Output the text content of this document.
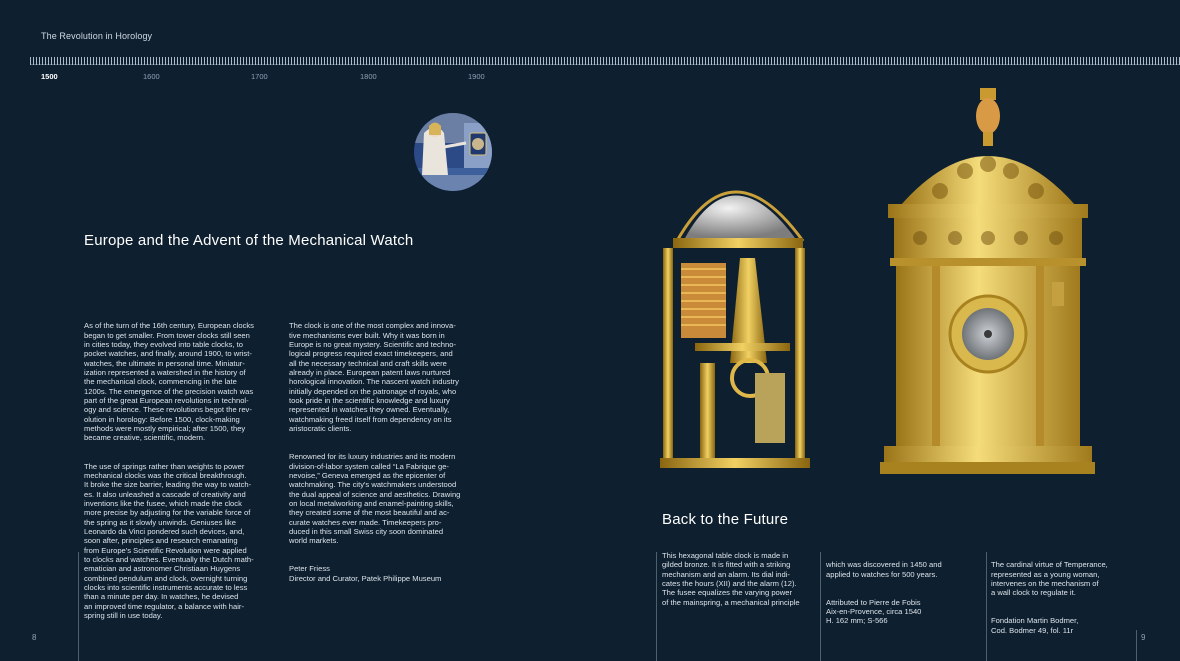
The Revolution in Horology
1500	1600	1700	1800	1900
Europe and the Advent of the Mechanical Watch

As of the turn of the 16th century, European clocks
began to get smaller. From tower clocks still seen
in cities today, they evolved into table clocks, to
pocket watches, and finally, around 1900, to wrist-
watches, the ultimate in personal time. Miniatur-
ization represented a watershed in the history of
the mechanical clock, commencing in the late
1200s. The emergence of the precision watch was
part of the great European revolutions in technol-
ogy and science. These revolutions begot the rev-
olution in horology: Before 1500, clock-making
methods were mostly empirical; after 1500, they
became creative, scientific, modern.

The use of springs rather than weights to power
mechanical clocks was the critical breakthrough.
It broke the size barrier, leading the way to watch-
es. It also unleashed a cascade of creativity and
inventions like the fusee, which made the clock
more precise by adjusting for the variable force of
the spring as it slowly unwinds. Geniuses like
Leonardo da Vinci pondered such devices, and,
soon after, principles and research emanating
from Europe's Scientific Revolution were applied
to clocks and watches. Eventually the Dutch math-
ematician and astronomer Christiaan Huygens
combined pendulum and clock, overnight turning
clocks into scientific instruments accurate to less
than a minute per day. In watches, he devised
an improved time regulator, a balance with hair-
spring still in use today.

The clock is one of the most complex and innova-
tive mechanisms ever built. Why it was born in
Europe is no great mystery. Scientific and techno-
logical progress required exact timekeepers, and
all the necessary technical and craft skills were
already in place. European patent laws nurtured
horological innovation. The nascent watch industry
initially depended on the patronage of royals, who
took pride in the scientific knowledge and luxury
represented in watches they owned. Eventually,
watchmaking freed itself from dependency on its
aristocratic clients.

Renowned for its luxury industries and its modern
division-of-labor system called “La Fabrique ge-
nevoise,” Geneva emerged as the epicenter of
watchmaking. The city's watchmakers understood
the dual appeal of science and aesthetics. Drawing
on local metalworking and enamel-painting skills,
they created some of the most beautiful and ac-
curate watches ever made. Timekeepers pro-
duced in this small Swiss city soon dominated
world markets.

Peter Friess
Director and Curator, Patek Philippe Museum

Back to the Future
This hexagonal table clock is made in
gilded bronze. It is fitted with a striking
mechanism and an alarm. Its dial indi-
cates the hours (XII) and the alarm (12).
The fusee equalizes the varying power
of the mainspring, a mechanical principle

which was discovered in 1450 and
applied to watches for 500 years.

Attributed to Pierre de Fobis
Aix-en-Provence, circa 1540
H. 162 mm; S-566

The cardinal virtue of Temperance,
represented as a young woman,
intervenes on the mechanism of
a wall clock to regulate it.

Fondation Martin Bodmer,
Cod. Bodmer 49, fol. 11r

8	9
